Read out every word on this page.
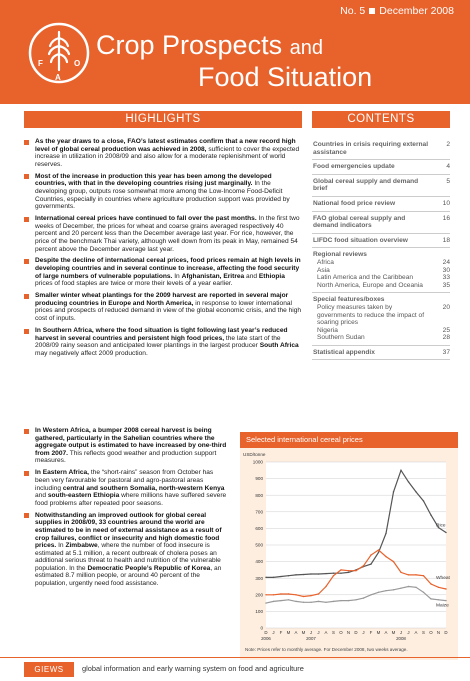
No. 5 December 2008
F
A
O
Crop Prospects and
Food Situation
HIGHLIGHTS	CONTENTS
As the year draws to a close, FAO’s latest estimates confirm that a new record high level of global cereal production was achieved in 2008, sufficient to cover the expected increase in utilization in 2008/09 and also allow for a moderate replenishment of world reserves.
Most of the increase in production this year has been among the developed countries, with that in the developing countries rising just marginally. In the developing group, outputs rose somewhat more among the Low-Income Food-Deficit Countries, especially in countries where agriculture production support was provided by governments.
International cereal prices have continued to fall over the past months. In the first two weeks of December, the prices for wheat and coarse grains averaged respectively 40 percent and 20 percent less than the December average last year. For rice, however, the price of the benchmark Thai variety, although well down from its peak in May, remained 54 percent above the December average last year.
Despite the decline of international cereal prices, food prices remain at high levels in developing countries and in several continue to increase, affecting the food security of large numbers of vulnerable populations. In Afghanistan, Eritrea and Ethiopia prices of food staples are twice or more their levels of a year earlier.
Smaller winter wheat plantings for the 2009 harvest are reported in several major producing countries in Europe and North America, in response to lower international prices and prospects of reduced demand in view of the global economic crisis, and the high cost of inputs.
In Southern Africa, where the food situation is tight following last year’s reduced harvest in several countries and persistent high food prices, the late start of the 2008/09 rainy season and anticipated lower plantings in the largest producer South Africa may negatively affect 2009 production.
In Western Africa, a bumper 2008 cereal harvest is being gathered, particularly in the Sahelian countries where the aggregate output is estimated to have increased by one-third from 2007. This reflects good weather and production support measures.
In Eastern Africa, the “short-rains” season from October has been very favourable for pastoral and agro-pastoral areas including central and southern Somalia, north-western Kenya and south-eastern Ethiopia where millions have suffered severe food problems after repeated poor seasons.
Notwithstanding an improved outlook for global cereal supplies in 2008/09, 33 countries around the world are estimated to be in need of external assistance as a result of crop failures, conflict or insecurity and high domestic food prices. In Zimbabwe, where the number of food insecure is estimated at 5.1 million, a recent outbreak of cholera poses an additional serious threat to health and nutrition of the vulnerable population. In the Democratic People’s Republic of Korea, an estimated 8.7 million people, or around 40 percent of the population, urgently need food assistance.
Countries in crisis requiring external assistance
2
Food emergencies update	4
Global cereal supply and demand brief
5
National food price review	10
FAO global cereal supply and demand indicators
16
LIFDC food situation overview	18
Regional reviews
Africa	24
Asia	30
Latin America and the Caribbean	33
North America, Europe and Oceania	35
Special features/boxes
Policy measures taken by governments to reduce the impact of soaring prices
20
Nigeria	25
Southern Sudan	28
Statistical appendix	37
Selected international cereal prices
USD/tonne
0
100
200
300
400
500
600
700
800
900
1000
D J F M A M J J A S O N D J F M A M J J A S O N D
2006	2007	2008
Rice
Wheat
Maize
Note: Prices refer to monthly average. For December 2008, two weeks average.
GIEWS	global information and early warning system on food and agriculture
